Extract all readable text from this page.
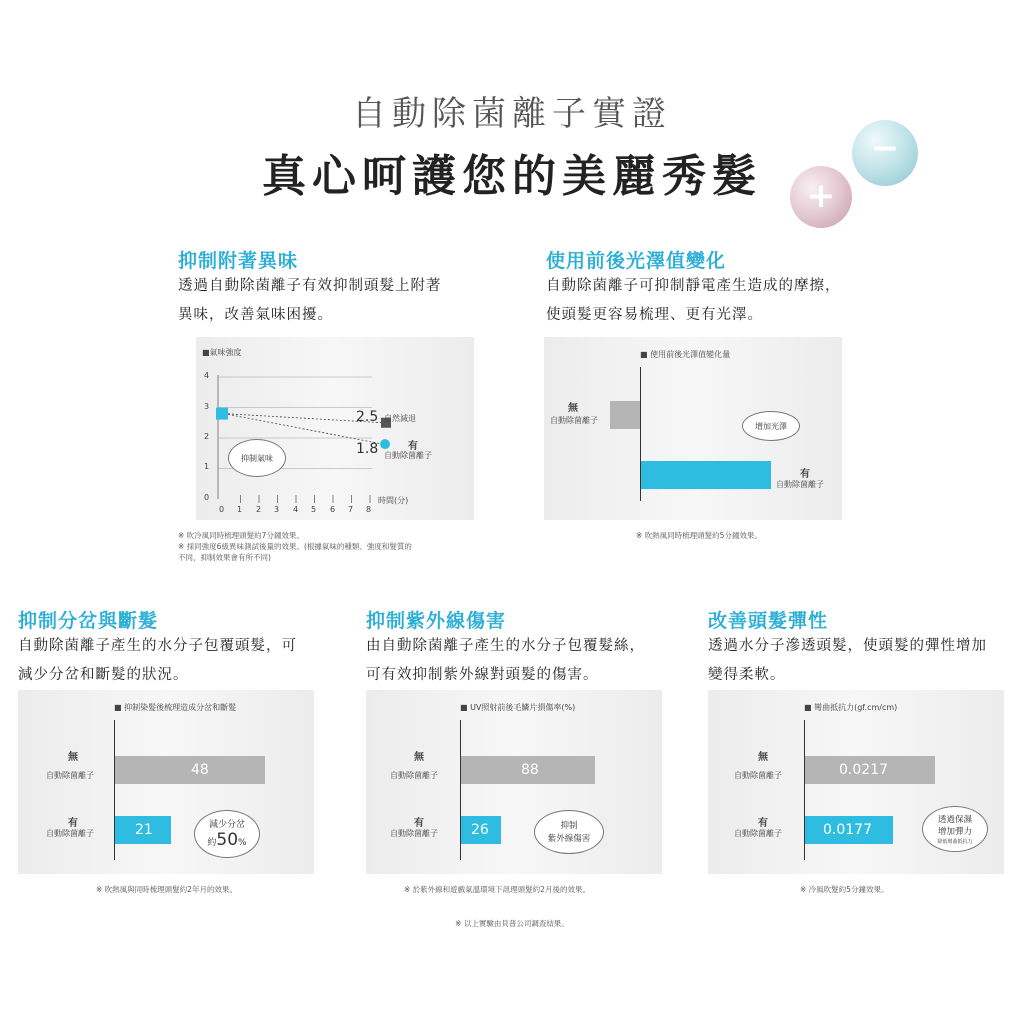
自動除菌離子實證
真心呵護您的美麗秀髮	+
−
抑制附著異味
透過自動除菌離子有效抑制頭髮上附著
異味，改善氣味困擾。
■氣味強度
4
3
2
1
0
0 1 2 3 4 5 6 7 8
時間(分)
2.5 自然減退
1.8	有
自動除菌離子
抑制氣味
※ 吹冷風同時梳理頭髮約7分鐘效果。
※ 採同強度6級異味測試後量的效果。(根據氣味的種類、強度和髮質的
不同，抑制效果會有所不同)
使用前後光澤值變化
自動除菌離子可抑制靜電產生造成的摩擦，
使頭髮更容易梳理、更有光澤。
■ 使用前後光澤值變化量
無
自動除菌離子
有
自動除菌離子
增加光澤
※ 吹熱風同時梳理頭髮約5分鐘效果。
抑制分岔與斷髮
自動除菌離子產生的水分子包覆頭髮，可
減少分岔和斷髮的狀況。
■ 抑制染髮後梳理造成分岔和斷髮
無
自動除菌離子	48
有
自動除菌離子	21	減少分岔
約50%
※ 吹熱風與同時梳理頭髮約2年月的效果。
抑制紫外線傷害
由自動除菌離子產生的水分子包覆髮絲，
可有效抑制紫外線對頭髮的傷害。
■ UV照射前後毛鱗片損傷率(%)
無
自動除菌離子	88
有
自動除菌離子	26	抑制
紫外線傷害
※ 於紫外線和遊戲氣溫環境下訊理頭髮約2月後的效果。
改善頭髮彈性
透過水分子滲透頭髮，使頭髮的彈性增加
變得柔軟。
■ 彎曲抵抗力(gf.cm/cm)
無
自動除菌離子	0.0217
有
自動除菌離子	0.0177
透過保濕
增加彈力
降低彎曲抵抗力
※ 冷風吹髮約5分鐘效果。
※ 以上實驗由貝普公司調查結果。
